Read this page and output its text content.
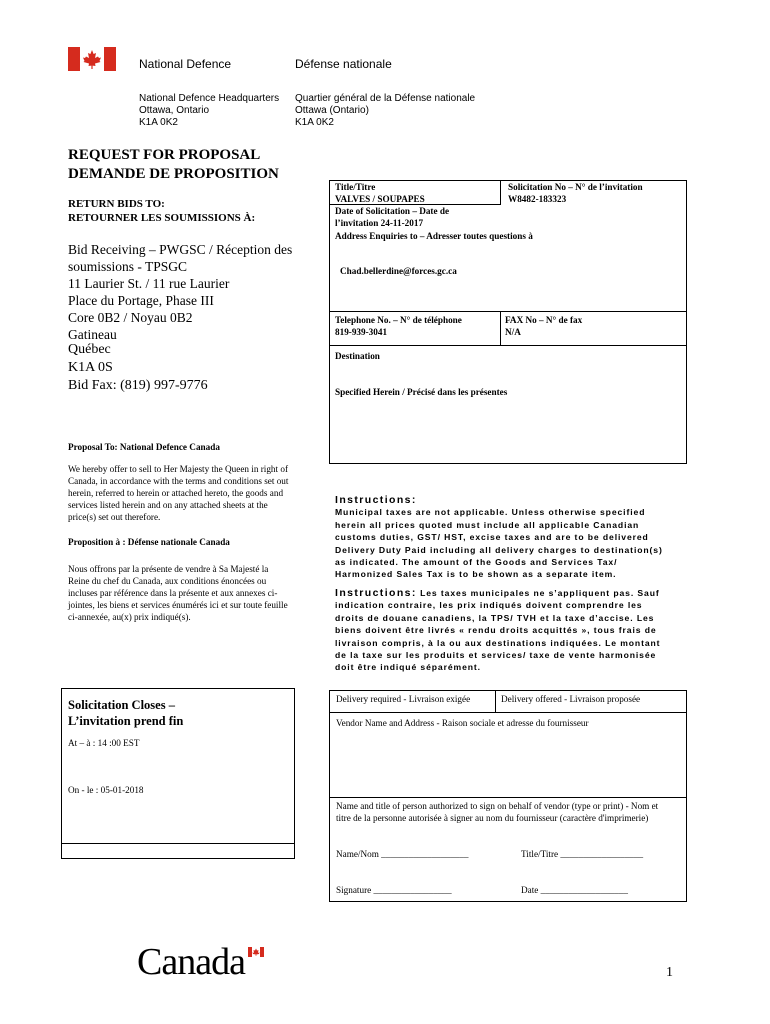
National Defence	Défense nationale
National Defence Headquarters
Ottawa, Ontario
K1A 0K2
Quartier général de la Défense nationale
Ottawa (Ontario)
K1A 0K2
REQUEST FOR PROPOSAL
DEMANDE DE PROPOSITION
RETURN BIDS TO:
RETOURNER LES SOUMISSIONS À:
Bid Receiving – PWGSC / Réception des soumissions - TPSGC
11 Laurier St. / 11 rue Laurier
Place du Portage, Phase III
Core 0B2 / Noyau 0B2
Gatineau
Québec
K1A 0S
Bid Fax: (819) 997-9776
Proposal To: National Defence Canada
We hereby offer to sell to Her Majesty the Queen in right of Canada, in accordance with the terms and conditions set out herein, referred to herein or attached hereto, the goods and services listed herein and on any attached sheets at the price(s) set out therefore.
Proposition à : Défense nationale Canada
Nous offrons par la présente de vendre à Sa Majesté la Reine du chef du Canada, aux conditions énoncées ou incluses par référence dans la présente et aux annexes ci-jointes, les biens et services énumérés ici et sur toute feuille ci-annexée, au(x) prix indiqué(s).
Title/Titre
VALVES / SOUPAPES
Solicitation No – N° de l’invitation
W8482-183323
Date of Solicitation – Date de
l’invitation 24-11-2017
Address Enquiries to – Adresser toutes questions à
Chad.bellerdine@forces.gc.ca
Telephone No. – N° de téléphone
819-939-3041
FAX No – N° de fax
N/A
Destination
Specified Herein / Précisé dans les présentes
Instructions:
Municipal taxes are not applicable. Unless otherwise specified herein all prices quoted must include all applicable Canadian customs duties, GST/ HST, excise taxes and are to be delivered Delivery Duty Paid including all delivery charges to destination(s) as indicated. The amount of the Goods and Services Tax/ Harmonized Sales Tax is to be shown as a separate item.
Instructions: Les taxes municipales ne s’appliquent pas. Sauf indication contraire, les prix indiqués doivent comprendre les droits de douane canadiens, la TPS/ TVH et la taxe d’accise. Les biens doivent être livrés « rendu droits acquittés », tous frais de livraison compris, à la ou aux destinations indiquées. Le montant de la taxe sur les produits et services/ taxe de vente harmonisée doit être indiqué séparément.
Solicitation Closes –
L’invitation prend fin
At – à : 14 :00 EST
On - le : 05-01-2018
Delivery required - Livraison exigée	Delivery offered - Livraison proposée
Vendor Name and Address - Raison sociale et adresse du fournisseur
Name and title of person authorized to sign on behalf of vendor (type or print) - Nom et titre de la personne autorisée à signer au nom du fournisseur (caractère d'imprimerie)
Name/Nom ___________________	Title/Titre __________________
Signature _________________	Date ___________________
Canada	1
